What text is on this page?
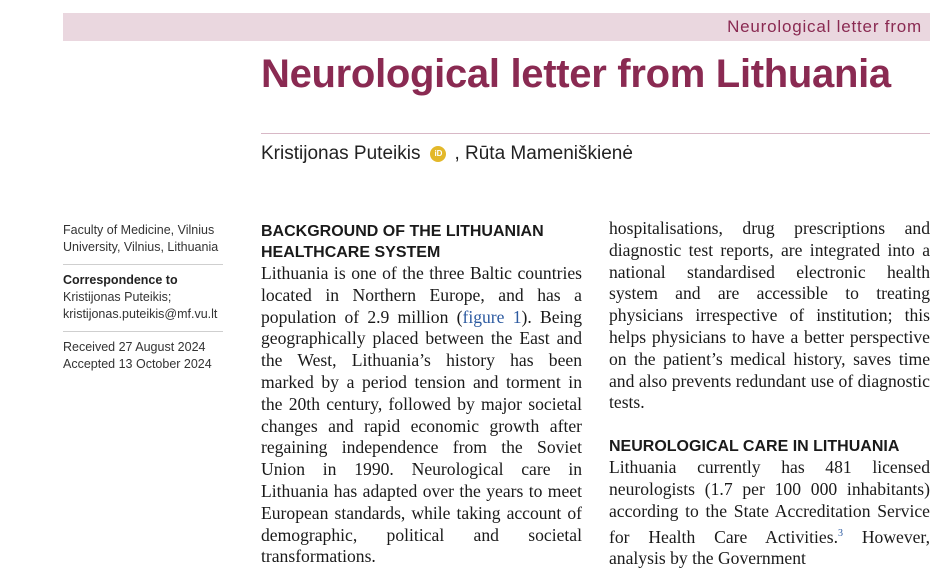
Neurological letter from
Neurological letter from Lithuania
Kristijonas Puteikis	iD , Rūta Mameniškienė
Faculty of Medicine, Vilnius
University, Vilnius, Lithuania
Correspondence to
Kristijonas Puteikis;
kristijonas.puteikis@mf.vu.lt
Received 27 August 2024
Accepted 13 October 2024
BACKGROUND OF THE LITHUANIAN HEALTHCARE SYSTEM

Lithuania is one of the three Baltic countries located in Northern Europe, and has a population of 2.9 million (figure 1). Being geographically placed between the East and the West, Lithuania’s history has been marked by a period tension and torment in the 20th century, followed by major societal changes and rapid economic growth after regaining independence from the Soviet Union in 1990. Neurological care in Lithuania has adapted over the years to meet European standards, while taking account of demographic, political and societal transformations.

hospitalisations, drug prescriptions and diagnostic test reports, are integrated into a national standardised electronic health system and are accessible to treating physicians irrespective of institution; this helps physicians to have a better perspective on the patient’s medical history, saves time and also prevents redundant use of diagnostic tests.

NEUROLOGICAL CARE IN LITHUANIA

Lithuania currently has 481 licensed neurologists (1.7 per 100 000 inhabitants) according to the State Accreditation Service for Health Care Activities.$^3$ However, analysis by the Government
